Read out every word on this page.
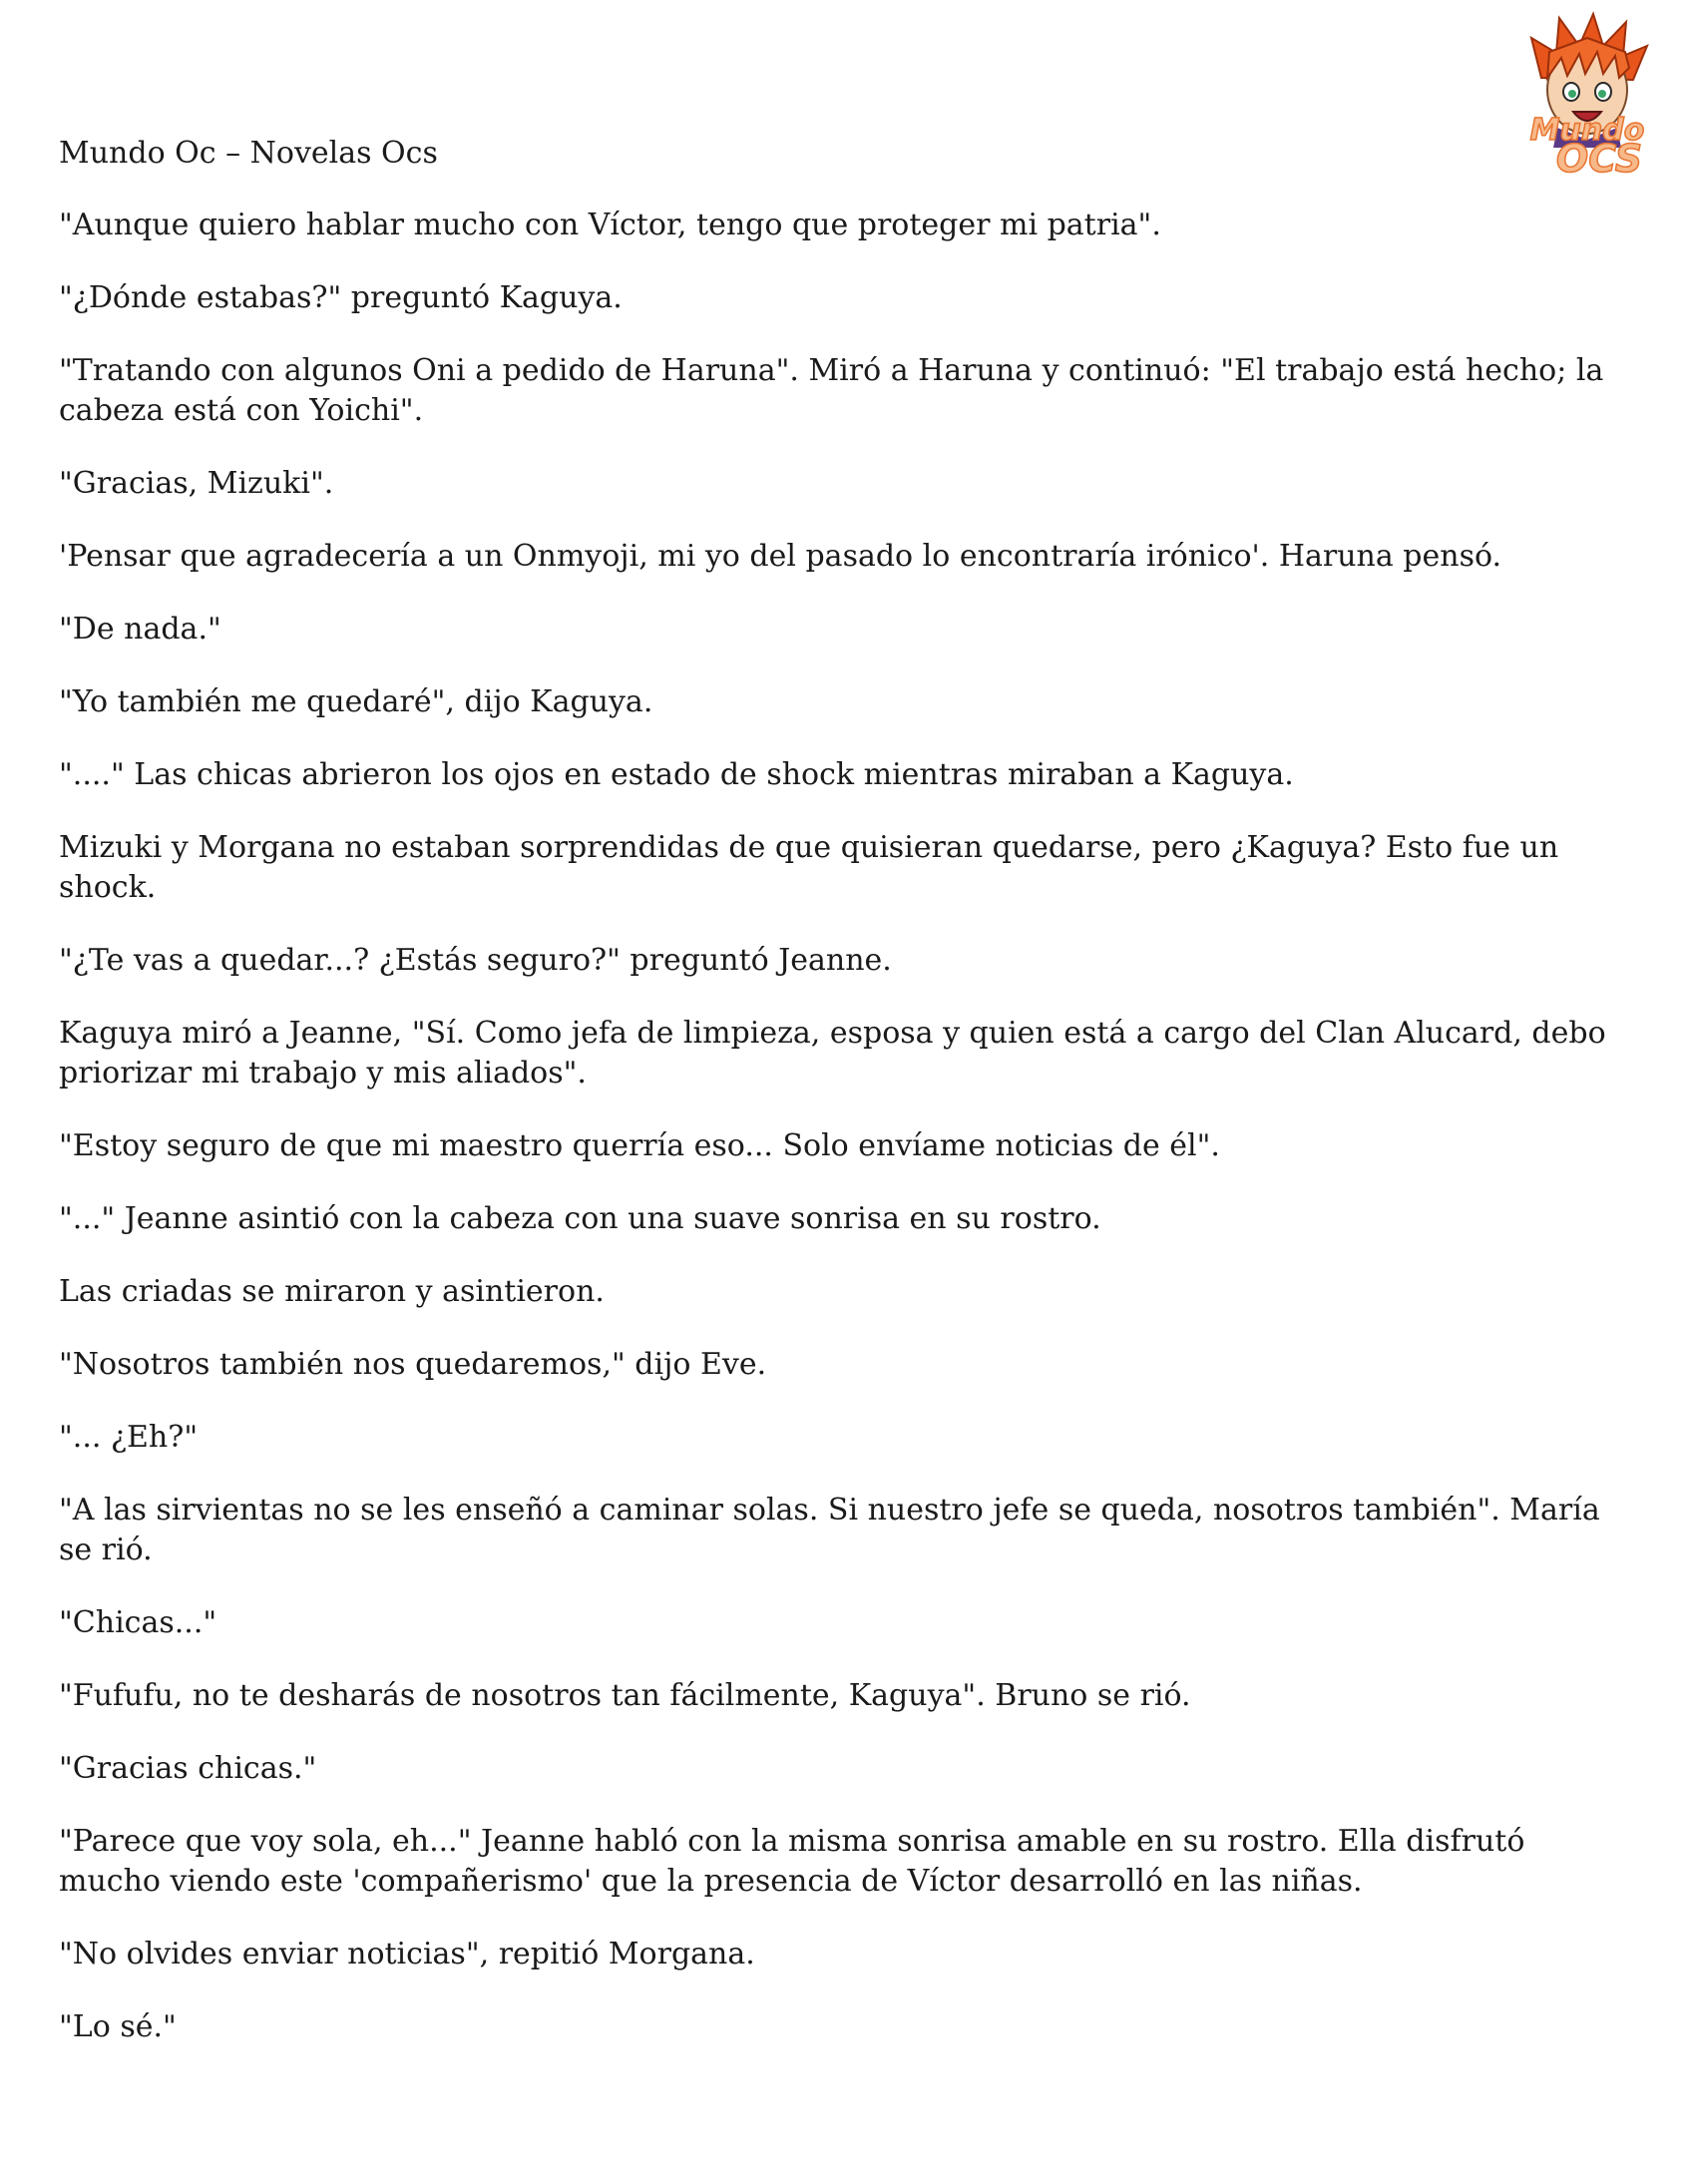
Mundo Oc – Novelas Ocs
Mundo
OCS

"Aunque quiero hablar mucho con Víctor, tengo que proteger mi patria".

"¿Dónde estabas?" preguntó Kaguya.

"Tratando con algunos Oni a pedido de Haruna". Miró a Haruna y continuó: "El trabajo está hecho; la cabeza está con Yoichi".

"Gracias, Mizuki".

'Pensar que agradecería a un Onmyoji, mi yo del pasado lo encontraría irónico'. Haruna pensó.

"De nada."

"Yo también me quedaré", dijo Kaguya.

"...." Las chicas abrieron los ojos en estado de shock mientras miraban a Kaguya.

Mizuki y Morgana no estaban sorprendidas de que quisieran quedarse, pero ¿Kaguya? Esto fue un shock.

"¿Te vas a quedar...? ¿Estás seguro?" preguntó Jeanne.

Kaguya miró a Jeanne, "Sí. Como jefa de limpieza, esposa y quien está a cargo del Clan Alucard, debo priorizar mi trabajo y mis aliados".

"Estoy seguro de que mi maestro querría eso... Solo envíame noticias de él".

"..." Jeanne asintió con la cabeza con una suave sonrisa en su rostro.

Las criadas se miraron y asintieron.

"Nosotros también nos quedaremos," dijo Eve.

"... ¿Eh?"

"A las sirvientas no se les enseñó a caminar solas. Si nuestro jefe se queda, nosotros también". María se rió.

"Chicas..."

"Fufufu, no te desharás de nosotros tan fácilmente, Kaguya". Bruno se rió.

"Gracias chicas."

"Parece que voy sola, eh..." Jeanne habló con la misma sonrisa amable en su rostro. Ella disfrutó mucho viendo este 'compañerismo' que la presencia de Víctor desarrolló en las niñas.

"No olvides enviar noticias", repitió Morgana.

"Lo sé."
